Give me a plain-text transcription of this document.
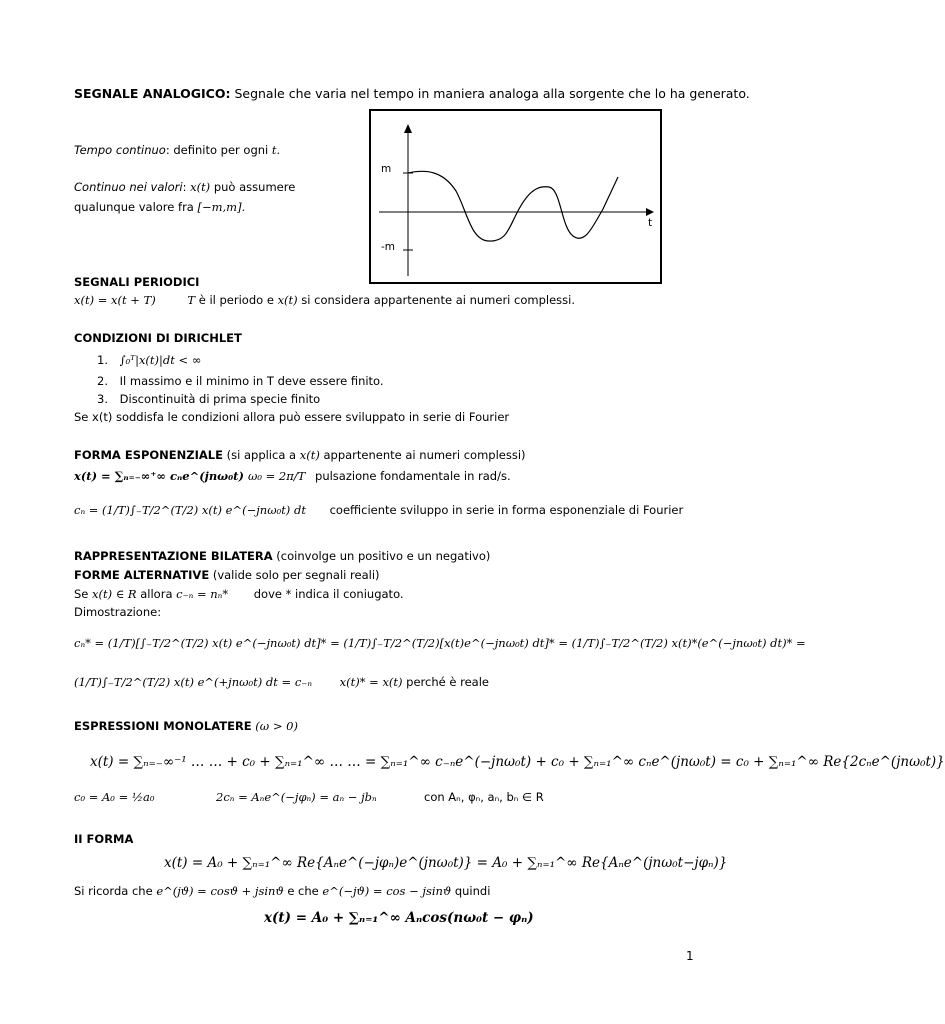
SEGNALE ANALOGICO: Segnale che varia nel tempo in maniera analoga alla sorgente che lo ha generato.
Tempo continuo: definito per ogni t.
Continuo nei valori: x(t) può assumere
qualunque valore fra [−m,m].
m
-m
t
SEGNALI PERIODICI
x(t) = x(t + T)	T è il periodo e x(t) si considera appartenente ai numeri complessi.
CONDIZIONI DI DIRICHLET
1. ∫₀ᵀ|x(t)|dt < ∞
2. Il massimo e il minimo in T deve essere finito.
3. Discontinuità di prima specie finito
Se x(t) soddisfa le condizioni allora può essere sviluppato in serie di Fourier
FORMA ESPONENZIALE (si applica a x(t) appartenente ai numeri complessi)
x(t) = ∑ₙ₌₋∞⁺∞ cₙe^(jnω₀t) ω₀ = 2π/T pulsazione fondamentale in rad/s.
cₙ = (1/T)∫₋T/2^(T/2) x(t) e^(−jnω₀t) dt coefficiente sviluppo in serie in forma esponenziale di Fourier
RAPPRESENTAZIONE BILATERA (coinvolge un positivo e un negativo)
FORME ALTERNATIVE (valide solo per segnali reali)
Se x(t) ∈ R allora c₋ₙ = nₙ* dove * indica il coniugato.
Dimostrazione:
cₙ* = (1/T)[∫₋T/2^(T/2) x(t) e^(−jnω₀t) dt]* = (1/T)∫₋T/2^(T/2)[x(t)e^(−jnω₀t) dt]* = (1/T)∫₋T/2^(T/2) x(t)*(e^(−jnω₀t) dt)* =
(1/T)∫₋T/2^(T/2) x(t) e^(+jnω₀t) dt = c₋ₙ x(t)* = x(t) perché è reale
ESPRESSIONI MONOLATERE (ω > 0)
x(t) = ∑ₙ₌₋∞⁻¹ … … + c₀ + ∑ₙ₌₁^∞ … … = ∑ₙ₌₁^∞ c₋ₙe^(−jnω₀t) + c₀ + ∑ₙ₌₁^∞ cₙe^(jnω₀t) = c₀ + ∑ₙ₌₁^∞ Re{2cₙe^(jnω₀t)}
c₀ = A₀ = ½a₀	2cₙ = Aₙe^(−jφₙ) = aₙ − jbₙ	con Aₙ, φₙ, aₙ, bₙ ∈ R
II FORMA
x(t) = A₀ + ∑ₙ₌₁^∞ Re{Aₙe^(−jφₙ)e^(jnω₀t)} = A₀ + ∑ₙ₌₁^∞ Re{Aₙe^(jnω₀t−jφₙ)}
Si ricorda che e^(jϑ) = cosϑ + jsinϑ e che e^(−jϑ) = cos − jsinϑ quindi
x(t) = A₀ + ∑ₙ₌₁^∞ Aₙcos(nω₀t − φₙ)
1
